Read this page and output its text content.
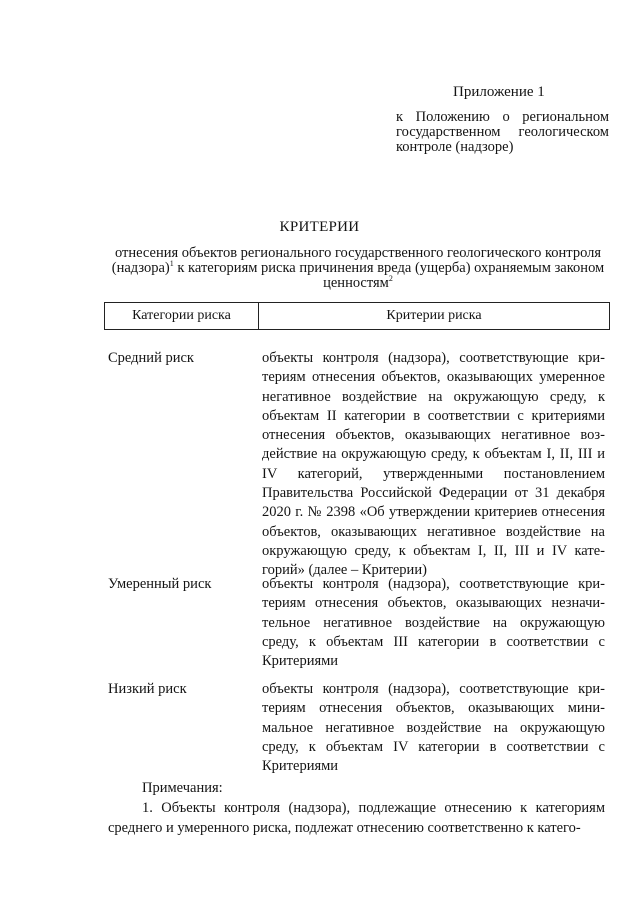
Приложение 1
к Положению о региональном государственном геологическом контроле (надзоре)
КРИТЕРИИ
отнесения объектов регионального государственного геологического контроля (надзора)$^1$ к категориям риска причинения вреда (ущерба) охраняемым законом ценностям$^2$
Категории риска	Критерии риска
Средний риск	объекты контроля (надзора), соответствующие критериям отнесения объектов, оказывающих умеренное негативное воздействие на окружающую среду, к объектам II категории в соответствии с критериями отнесения объектов, оказывающих негативное воздействие на окружающую среду, к объектам I, II, III и IV категорий, утвержденными постановлением Правительства Российской Федерации от 31 декабря 2020 г. № 2398 «Об утверждении критериев отнесения объектов, оказывающих негативное воздействие на окружающую среду, к объектам I, II, III и IV категорий» (далее – Критерии)
Умеренный риск	объекты контроля (надзора), соответствующие критериям отнесения объектов, оказывающих незначительное негативное воздействие на окружающую среду, к объектам III категории в соответствии с Критериями
Низкий риск	объекты контроля (надзора), соответствующие критериям отнесения объектов, оказывающих минимальное негативное воздействие на окружающую среду, к объектам IV категории в соответствии с Критериями
Примечания:
1. Объекты контроля (надзора), подлежащие отнесению к категориям среднего и умеренного риска, подлежат отнесению соответственно к катего-
